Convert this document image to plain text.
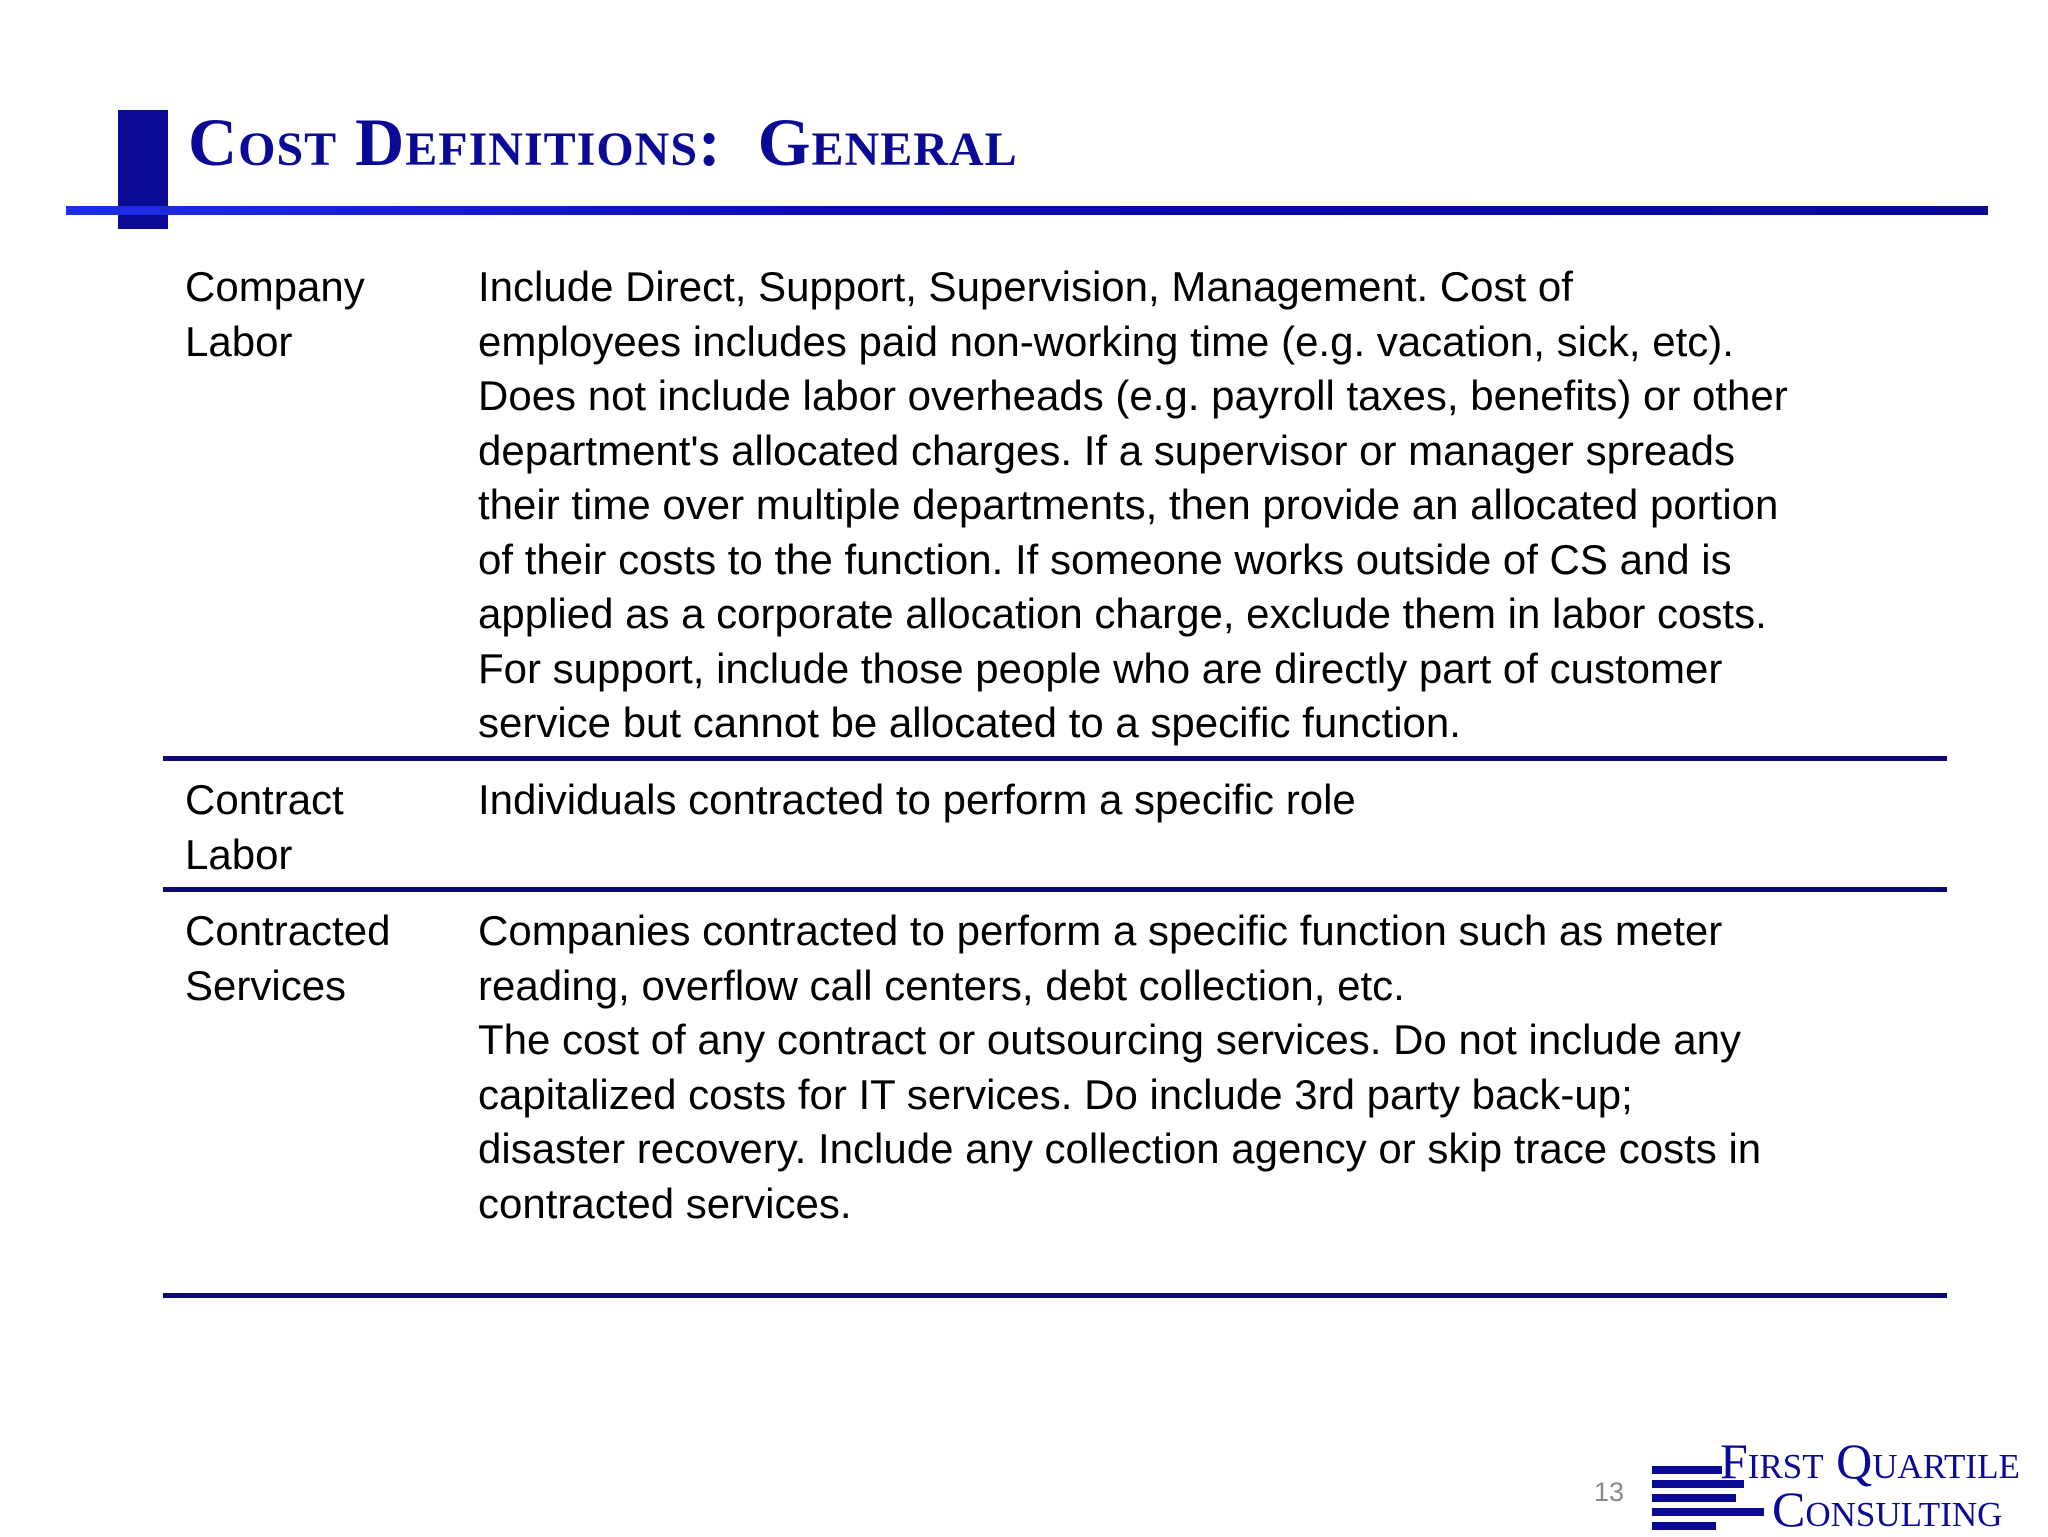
Cost Definitions:  General
Company
Labor
Include Direct, Support, Supervision, Management. Cost of
employees includes paid non-working time (e.g. vacation, sick, etc).
Does not include labor overheads (e.g. payroll taxes, benefits) or other
department's allocated charges. If a supervisor or manager spreads
their time over multiple departments, then provide an allocated portion
of their costs to the function. If someone works outside of CS and is
applied as a corporate allocation charge, exclude them in labor costs.
For support, include those people who are directly part of customer
service but cannot be allocated to a specific function.
Contract
Labor
Individuals contracted to perform a specific role
Contracted
Services
Companies contracted to perform a specific function such as meter
reading, overflow call centers, debt collection, etc.
The cost of any contract or outsourcing services. Do not include any
capitalized costs for IT services. Do include 3rd party back-up;
disaster recovery. Include any collection agency or skip trace costs in
contracted services.
13
First Quartile
Consulting
